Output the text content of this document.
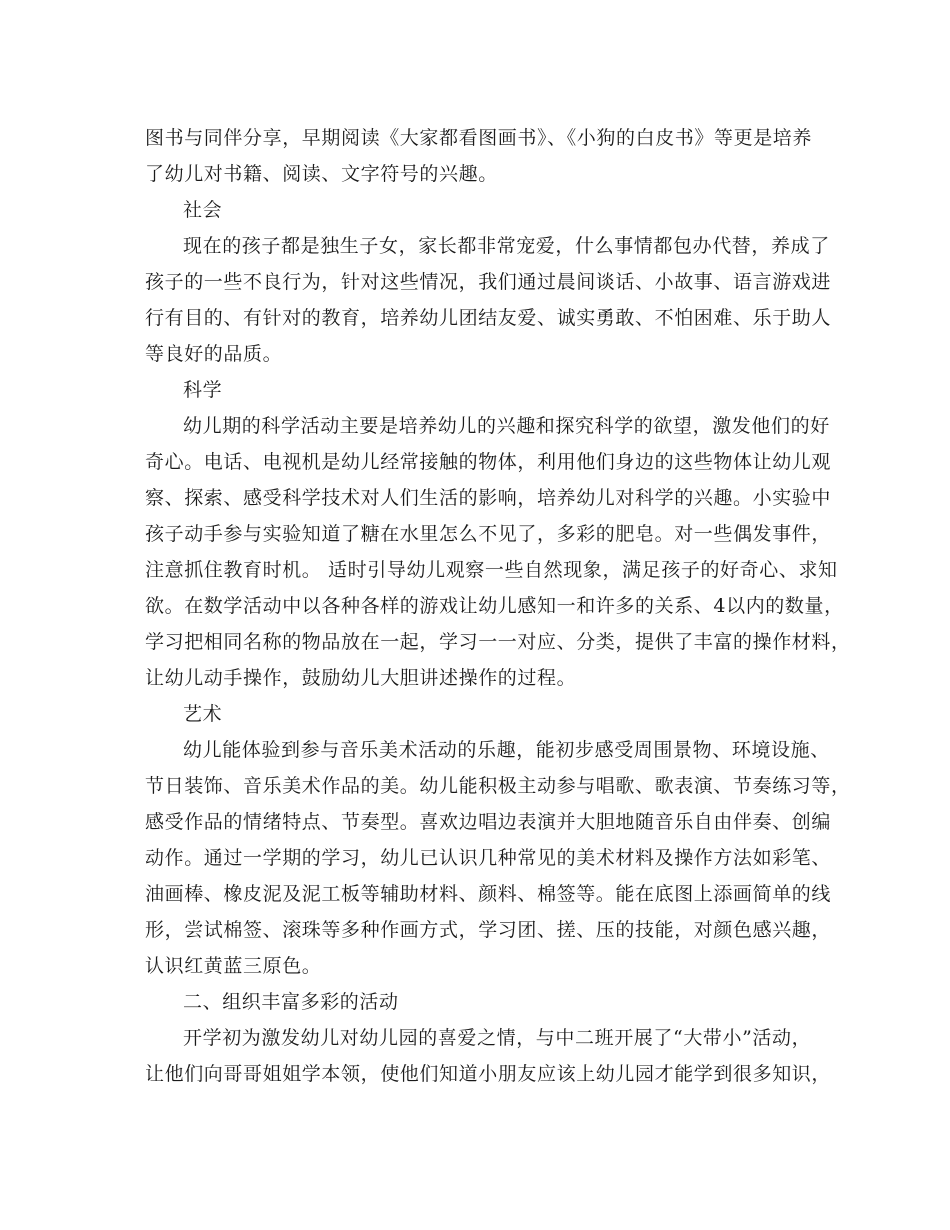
图书与同伴分享，早期阅读《大家都看图画书》、《小狗的白皮书》等更是培养
了幼儿对书籍、阅读、文字符号的兴趣。
社会
现在的孩子都是独生子女，家长都非常宠爱，什么事情都包办代替，养成了
孩子的一些不良行为，针对这些情况，我们通过晨间谈话、小故事、语言游戏进
行有目的、有针对的教育，培养幼儿团结友爱、诚实勇敢、不怕困难、乐于助人
等良好的品质。
科学
幼儿期的科学活动主要是培养幼儿的兴趣和探究科学的欲望，激发他们的好
奇心。电话、电视机是幼儿经常接触的物体，利用他们身边的这些物体让幼儿观
察、探索、感受科学技术对人们生活的影响，培养幼儿对科学的兴趣。小实验中
孩子动手参与实验知道了糖在水里怎么不见了，多彩的肥皂。对一些偶发事件，
注意抓住教育时机。 适时引导幼儿观察一些自然现象，满足孩子的好奇心、求知
欲。在数学活动中以各种各样的游戏让幼儿感知一和许多的关系、4以内的数量，
学习把相同名称的物品放在一起，学习一一对应、分类，提供了丰富的操作材料，
让幼儿动手操作，鼓励幼儿大胆讲述操作的过程。
艺术
幼儿能体验到参与音乐美术活动的乐趣，能初步感受周围景物、环境设施、
节日装饰、音乐美术作品的美。幼儿能积极主动参与唱歌、歌表演、节奏练习等，
感受作品的情绪特点、节奏型。喜欢边唱边表演并大胆地随音乐自由伴奏、创编
动作。通过一学期的学习，幼儿已认识几种常见的美术材料及操作方法如彩笔、
油画棒、橡皮泥及泥工板等辅助材料、颜料、棉签等。能在底图上添画简单的线
形，尝试棉签、滚珠等多种作画方式，学习团、搓、压的技能，对颜色感兴趣，
认识红黄蓝三原色。
二、组织丰富多彩的活动
开学初为激发幼儿对幼儿园的喜爱之情，与中二班开展了“大带小”活动，
让他们向哥哥姐姐学本领，使他们知道小朋友应该上幼儿园才能学到很多知识，
